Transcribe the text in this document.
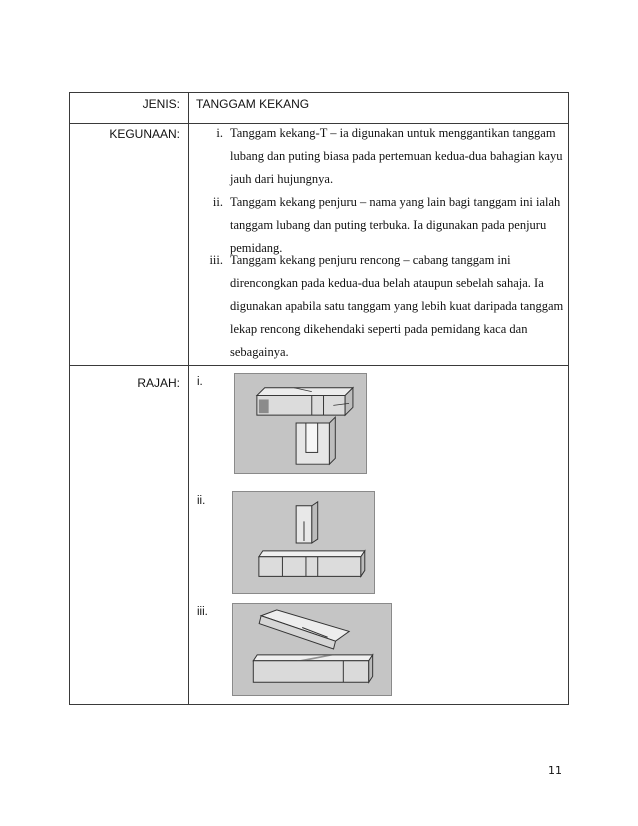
JENIS: TANGGAM KEKANG
KEGUNAAN:	i. Tanggam kekang-T – ia digunakan untuk menggantikan tanggam lubang dan puting biasa pada pertemuan kedua-dua bahagian kayu jauh dari hujungnya.
ii. Tanggam kekang penjuru – nama yang lain bagi tanggam ini ialah tanggam lubang dan puting terbuka. Ia digunakan pada penjuru pemidang.
iii. Tanggam kekang penjuru rencong – cabang tanggam ini direncongkan pada kedua-dua belah ataupun sebelah sahaja. Ia digunakan apabila satu tanggam yang lebih kuat daripada tanggam lekap rencong dikehendaki seperti pada pemidang kaca dan sebagainya.
RAJAH: i.
ii.
iii.
11
